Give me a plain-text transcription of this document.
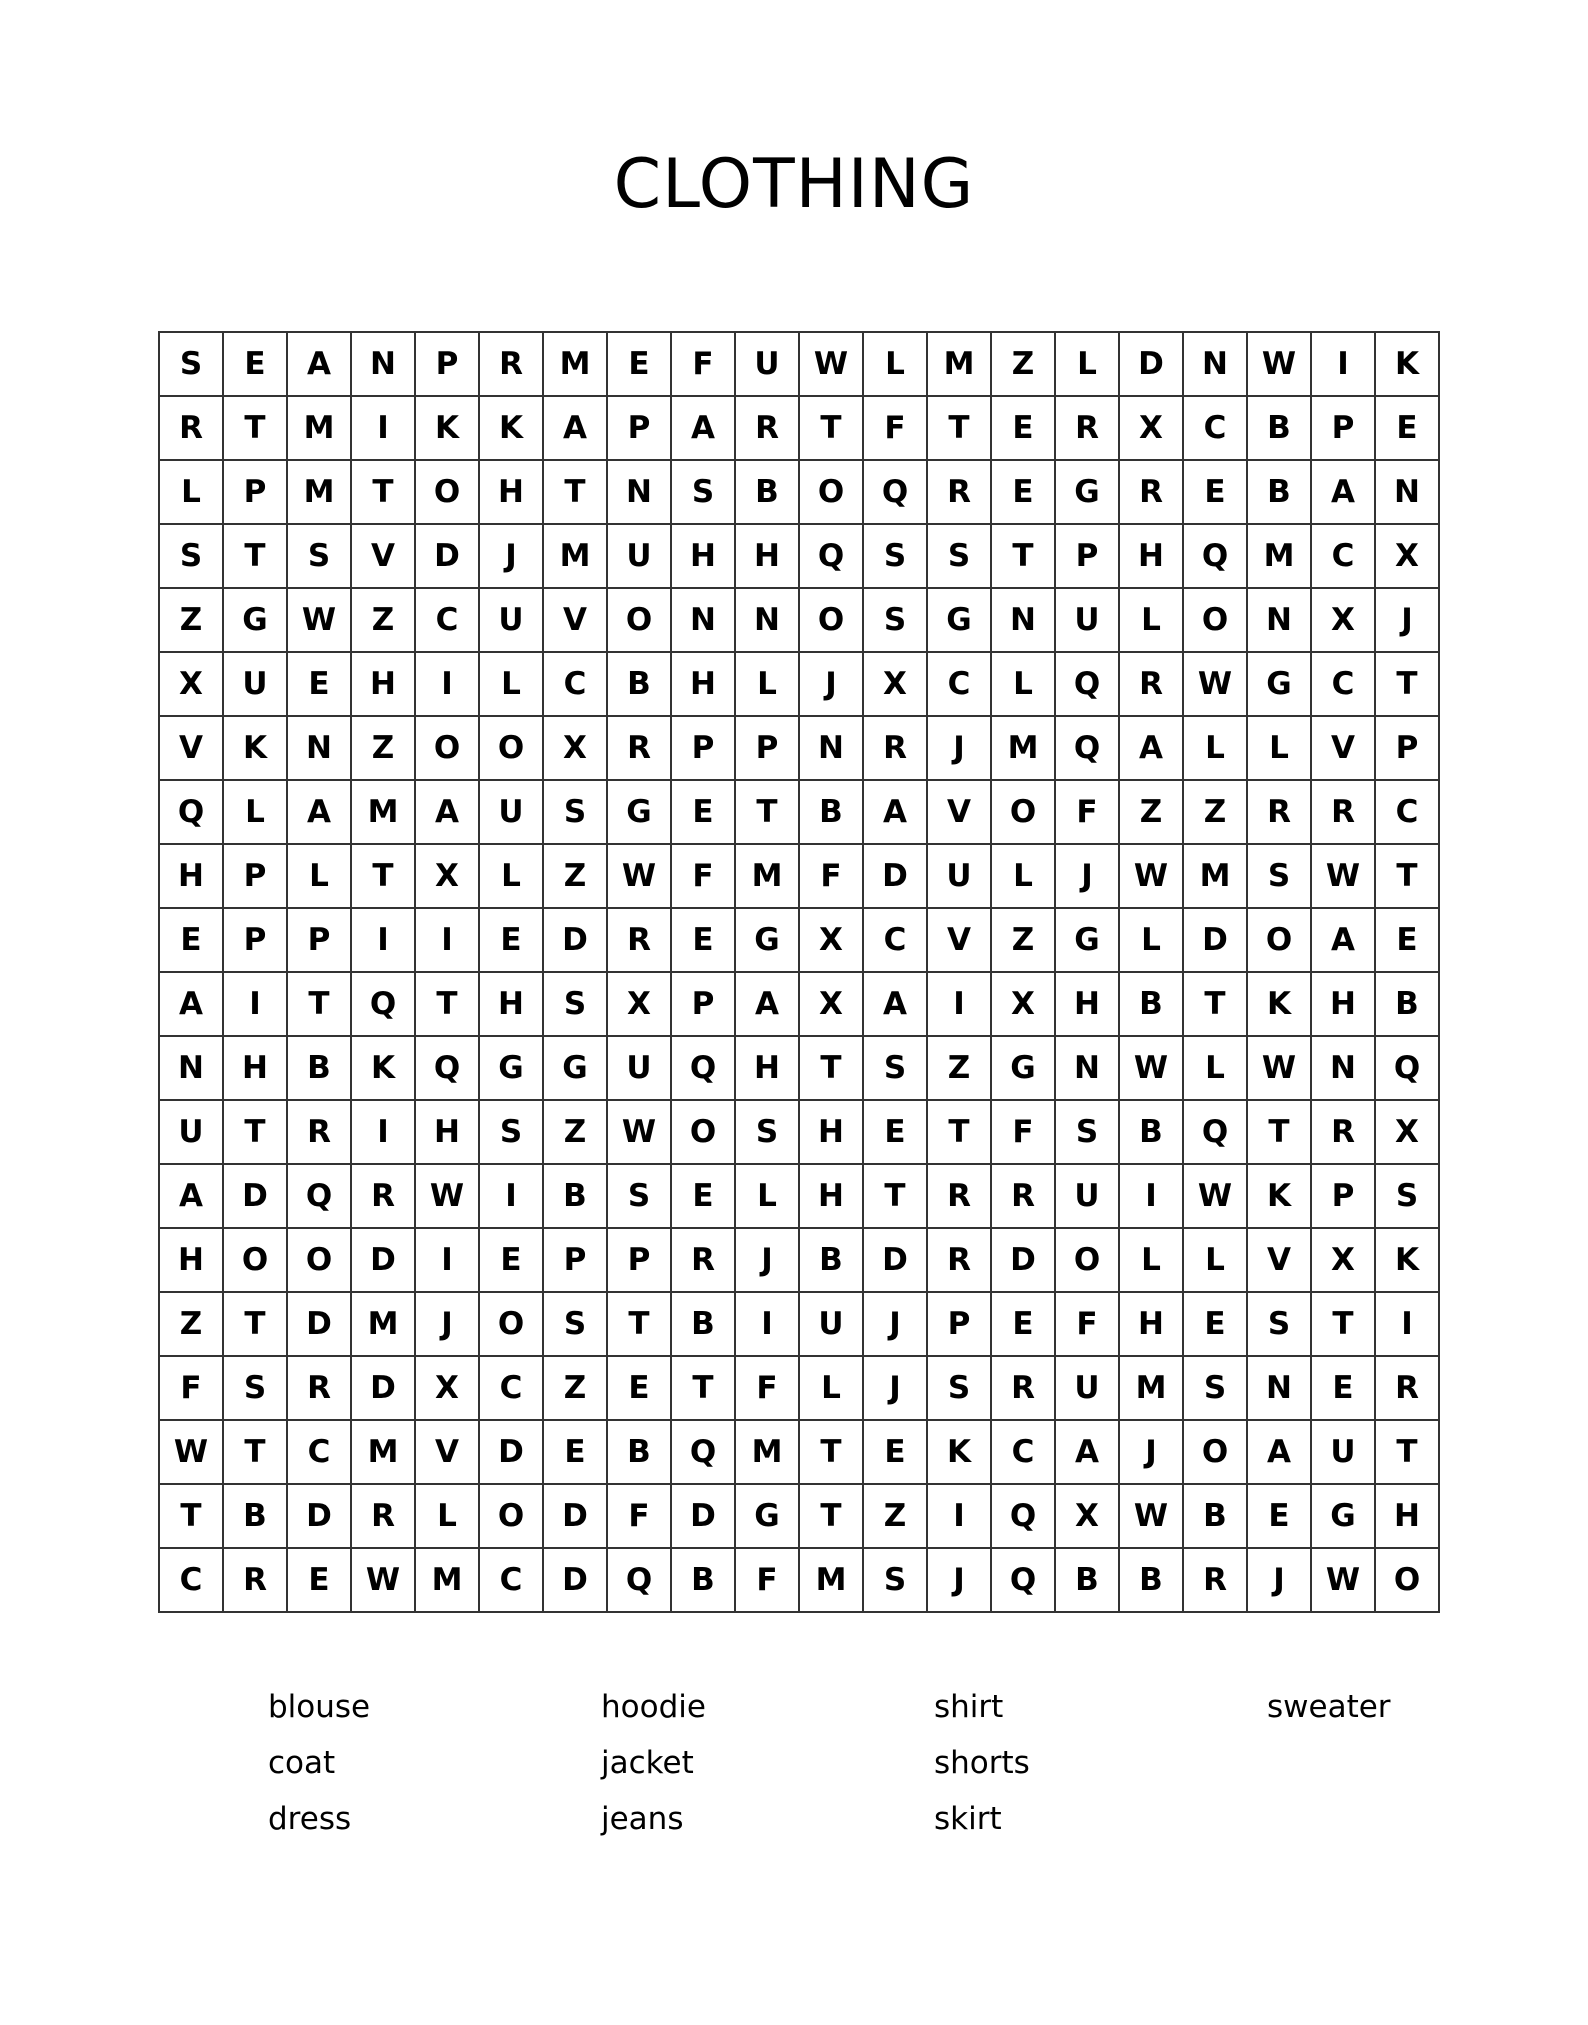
CLOTHING
S	E	A	N	P	R	M	E	F	U	W	L	M	Z	L	D	N	W	I	K
R	T	M	I	K	K	A	P	A	R	T	F	T	E	R	X	C	B	P	E
L	P	M	T	O	H	T	N	S	B	O	Q	R	E	G	R	E	B	A	N
S	T	S	V	D	J	M	U	H	H	Q	S	S	T	P	H	Q	M	C	X
Z	G	W	Z	C	U	V	O	N	N	O	S	G	N	U	L	O	N	X	J
X	U	E	H	I	L	C	B	H	L	J	X	C	L	Q	R	W	G	C	T
V	K	N	Z	O	O	X	R	P	P	N	R	J	M	Q	A	L	L	V	P
Q	L	A	M	A	U	S	G	E	T	B	A	V	O	F	Z	Z	R	R	C
H	P	L	T	X	L	Z	W	F	M	F	D	U	L	J	W	M	S	W	T
E	P	P	I	I	E	D	R	E	G	X	C	V	Z	G	L	D	O	A	E
A	I	T	Q	T	H	S	X	P	A	X	A	I	X	H	B	T	K	H	B
N	H	B	K	Q	G	G	U	Q	H	T	S	Z	G	N	W	L	W	N	Q
U	T	R	I	H	S	Z	W	O	S	H	E	T	F	S	B	Q	T	R	X
A	D	Q	R	W	I	B	S	E	L	H	T	R	R	U	I	W	K	P	S
H	O	O	D	I	E	P	P	R	J	B	D	R	D	O	L	L	V	X	K
Z	T	D	M	J	O	S	T	B	I	U	J	P	E	F	H	E	S	T	I
F	S	R	D	X	C	Z	E	T	F	L	J	S	R	U	M	S	N	E	R
W	T	C	M	V	D	E	B	Q	M	T	E	K	C	A	J	O	A	U	T
T	B	D	R	L	O	D	F	D	G	T	Z	I	Q	X	W	B	E	G	H
C	R	E	W	M	C	D	Q	B	F	M	S	J	Q	B	B	R	J	W	O
blouse
coat
dress
hoodie
jacket
jeans
shirt
shorts
skirt
sweater
